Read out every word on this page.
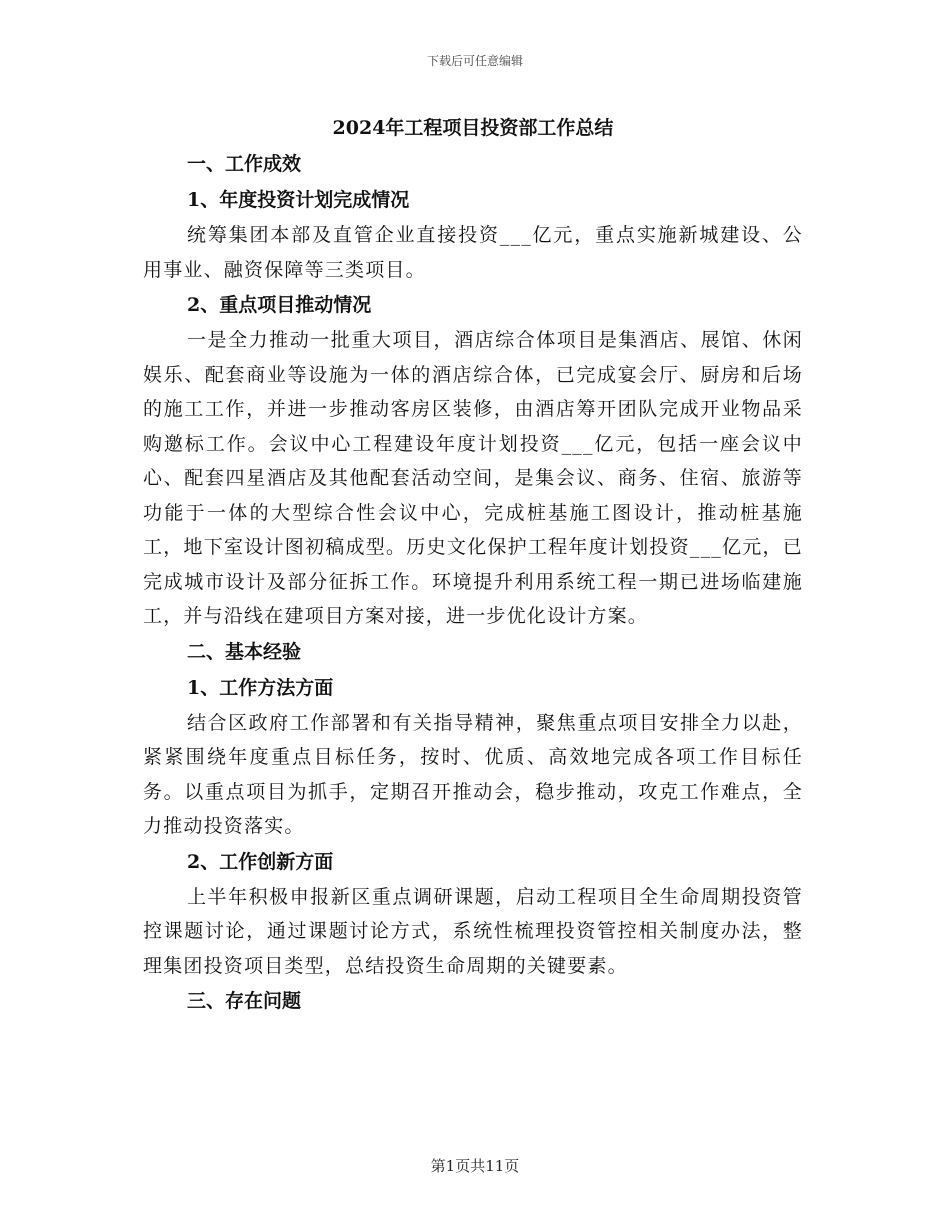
下载后可任意编辑
2024年工程项目投资部工作总结
一、工作成效
1、年度投资计划完成情况

统筹集团本部及直管企业直接投资___亿元，重点实施新城建设、公用事业、融资保障等三类项目。

2、重点项目推动情况

一是全力推动一批重大项目，酒店综合体项目是集酒店、展馆、休闲娱乐、配套商业等设施为一体的酒店综合体，已完成宴会厅、厨房和后场的施工工作，并进一步推动客房区装修，由酒店筹开团队完成开业物品采购邀标工作。会议中心工程建设年度计划投资___亿元，包括一座会议中心、配套四星酒店及其他配套活动空间，是集会议、商务、住宿、旅游等功能于一体的大型综合性会议中心，完成桩基施工图设计，推动桩基施工，地下室设计图初稿成型。历史文化保护工程年度计划投资___亿元，已完成城市设计及部分征拆工作。环境提升利用系统工程一期已进场临建施工，并与沿线在建项目方案对接，进一步优化设计方案。

二、基本经验
1、工作方法方面

结合区政府工作部署和有关指导精神，聚焦重点项目安排全力以赴，紧紧围绕年度重点目标任务，按时、优质、高效地完成各项工作目标任务。以重点项目为抓手，定期召开推动会，稳步推动，攻克工作难点，全力推动投资落实。

2、工作创新方面

上半年积极申报新区重点调研课题，启动工程项目全生命周期投资管控课题讨论，通过课题讨论方式，系统性梳理投资管控相关制度办法，整理集团投资项目类型，总结投资生命周期的关键要素。

三、存在问题
第1页共11页
